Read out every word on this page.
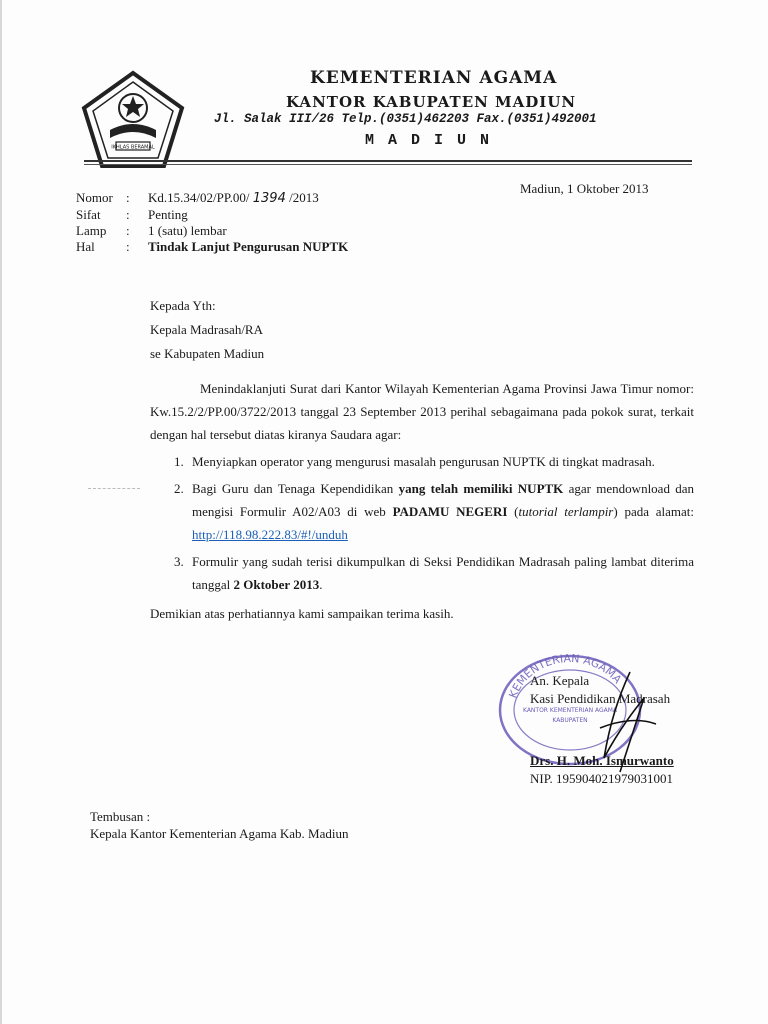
IKHLAS BERAMAL
KEMENTERIAN AGAMA
KANTOR KABUPATEN MADIUN
Jl. Salak III/26 Telp.(0351)462203 Fax.(0351)492001
MADIUN
Madiun, 1 Oktober 2013
Nomor	:	Kd.15.34/02/PP.00/ 1394 /2013
Sifat	:	Penting
Lamp	:	1 (satu) lembar
Hal	:	Tindak Lanjut Pengurusan NUPTK
Kepada Yth:
Kepala Madrasah/RA
se Kabupaten Madiun

Menindaklanjuti Surat dari Kantor Wilayah Kementerian Agama Provinsi Jawa Timur nomor: Kw.15.2/2/PP.00/3722/2013 tanggal 23 September 2013 perihal sebagaimana pada pokok surat, terkait dengan hal tersebut diatas kiranya Saudara agar:

1. Menyiapkan operator yang mengurusi masalah pengurusan NUPTK di tingkat madrasah.
2. Bagi Guru dan Tenaga Kependidikan yang telah memiliki NUPTK agar mendownload dan mengisi Formulir A02/A03 di web PADAMU NEGERI (tutorial terlampir) pada alamat: http://118.98.222.83/#!/unduh
3. Formulir yang sudah terisi dikumpulkan di Seksi Pendidikan Madrasah paling lambat diterima tanggal 2 Oktober 2013.

Demikian atas perhatiannya kami sampaikan terima kasih.

KEMENTERIAN AGAMA
KANTOR KEMENTERIAN AGAMA
KABUPATEN
An. Kepala
Kasi Pendidikan Madrasah
Drs. H. Moh. Ismurwanto
NIP. 195904021979031001
Tembusan :
Kepala Kantor Kementerian Agama Kab. Madiun
